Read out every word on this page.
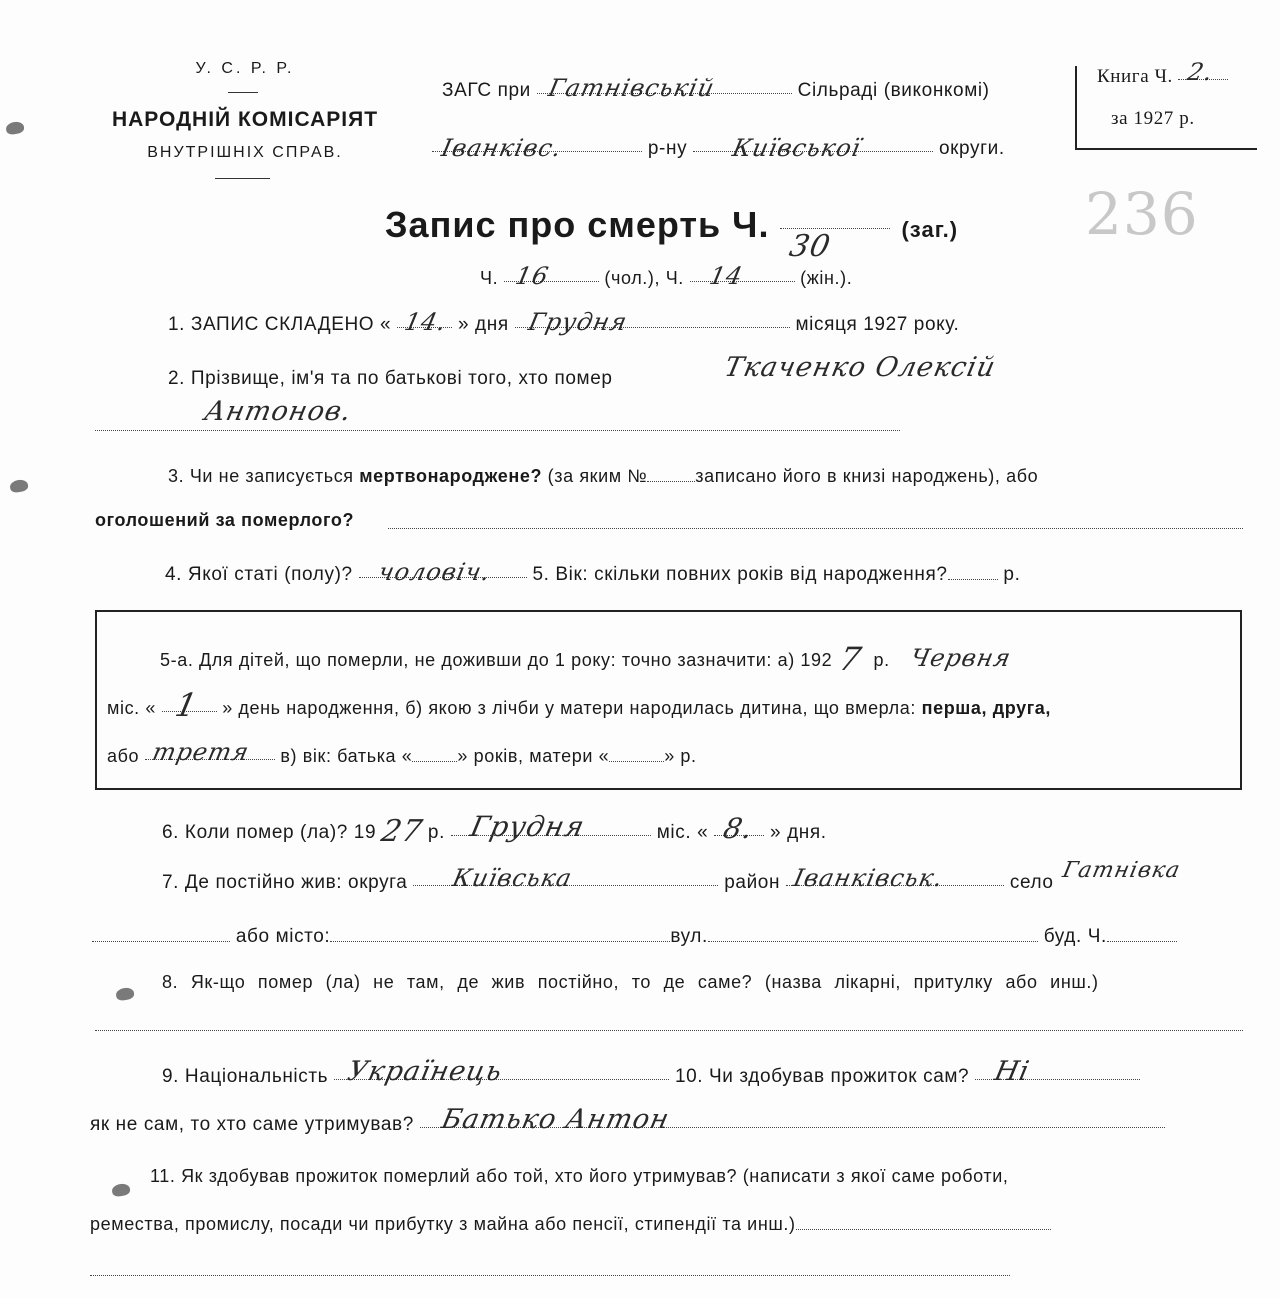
У. С. Р. Р.
НАРОДНІЙ КОМІСАРІЯТ
ВНУТРІШНІХ СПРАВ.
ЗАГС при Гатнівській	Сільраді (виконкомі)
Іванківс.	р-ну Київської	округи.
Книга Ч. 2.
за 1927 р.
236
Запис про смерть Ч.
30	(заг.)
Ч. 16	(чол.), Ч. 14	(жін.).
1. ЗАПИС СКЛАДЕНО « 14. » дня Грудня	місяця 1927 року.
2. Прізвище, ім'я та по батькові того, хто помер	Ткаченко Олексій
Антонов.
3. Чи не записується мертвонароджене? (за яким №	записано його в книзі народжень), або
оголошений за померлого?
4. Якої статі (полу)? чоловіч. 5. Вік: скільки повних років від народження?	р.
5-а. Для дітей, що померли, не доживши до 1 року: точно зазначити: а) 192 7 р. Червня
міс. « 1 » день народження, б) якою з лічби у матери народилась дитина, що вмерла: перша, друга,
або третя в) вік: батька «	» років, матери «	» р.
6. Коли помер (ла)? 19 27 р. Грудня	міс. « 8. » дня.
7. Де постійно жив: округа Київська	район Іванківськ.	село Гатнівка
або місто:	вул.	буд. Ч.
8. Як-що помер (ла) не там, де жив постійно, то де саме? (назва лікарні, притулку або инш.)
9. Національність Українець	10. Чи здобував прожиток сам? Ні
як не сам, то хто саме утримував? Батько Антон
11. Як здобував прожиток померлий або той, хто його утримував? (написати з якої саме роботи,
ремества, промислу, посади чи прибутку з майна або пенсії, стипендії та инш.)
